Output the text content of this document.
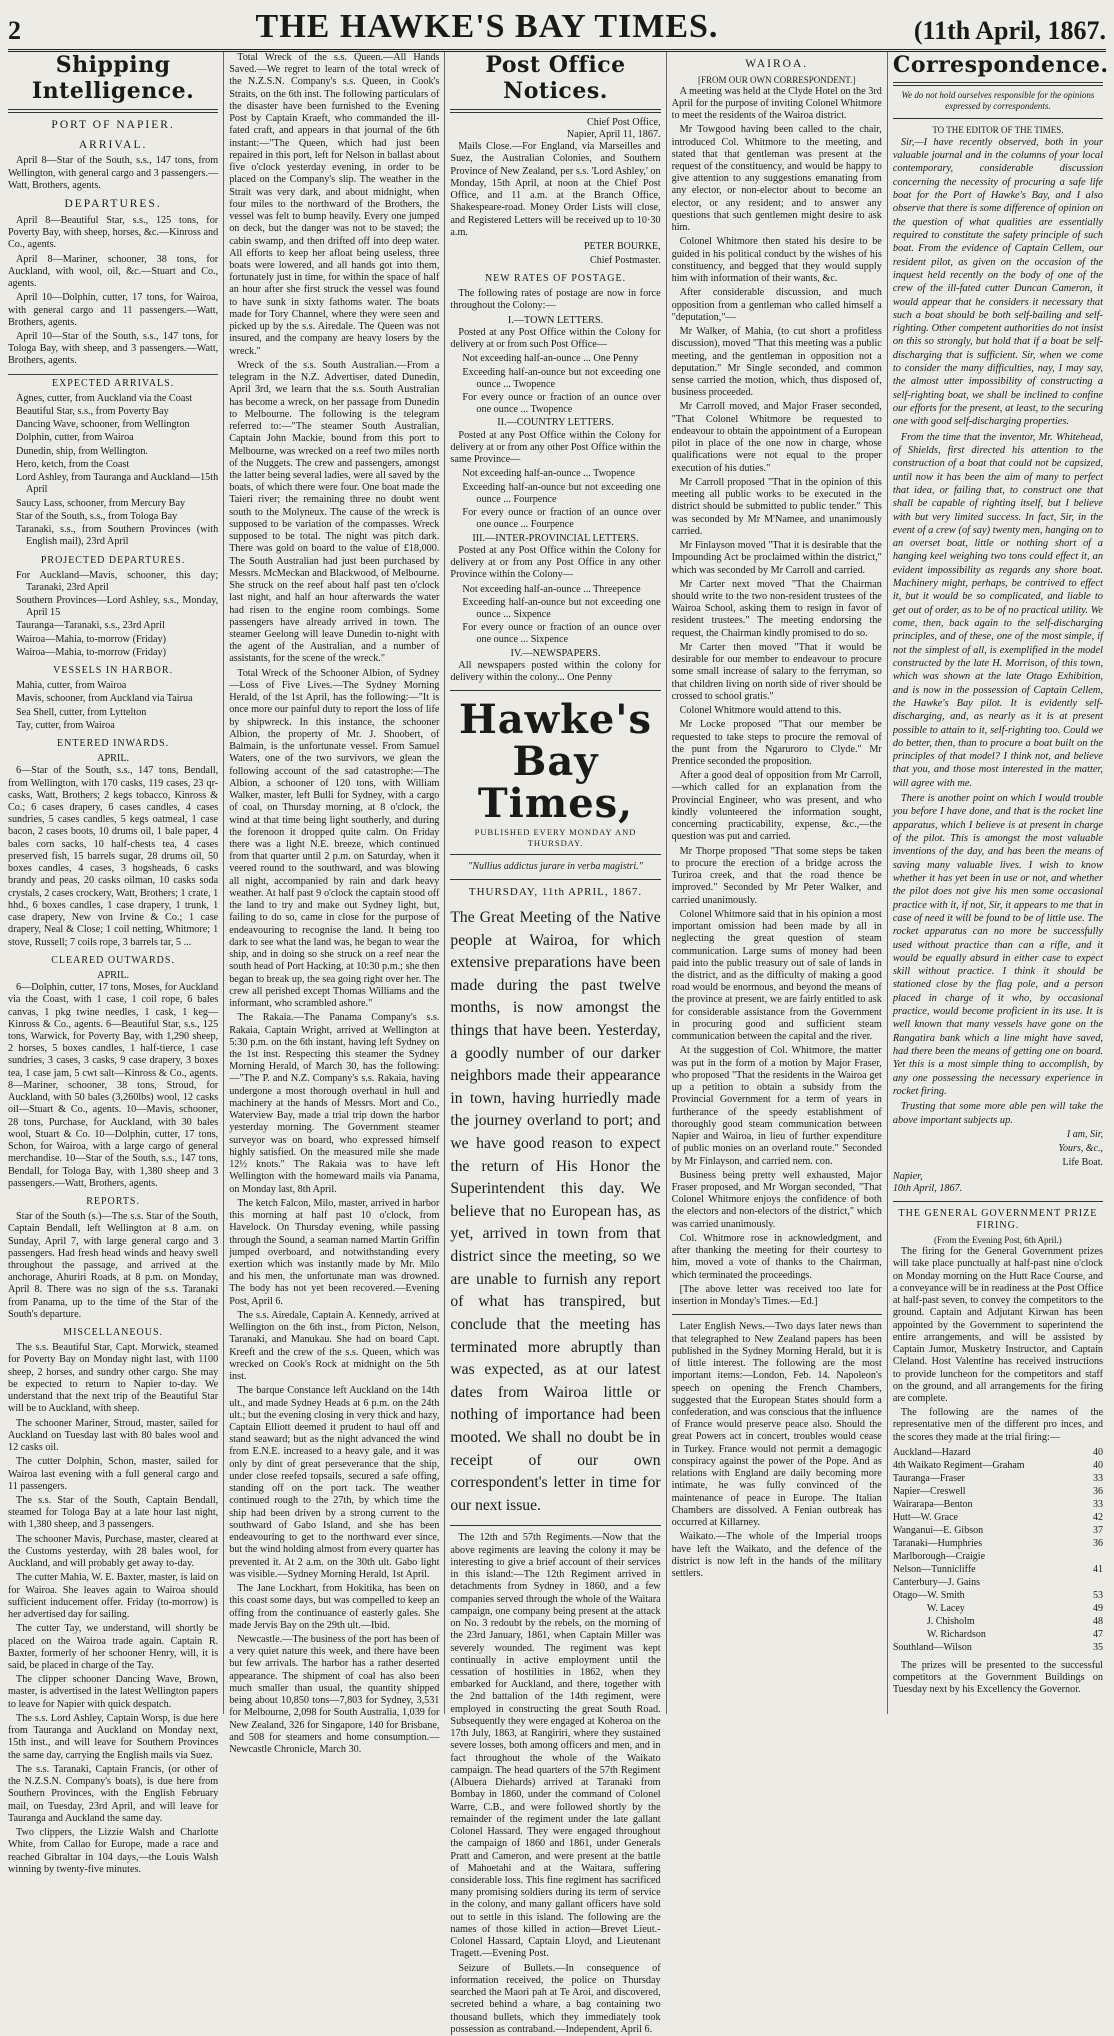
2	THE HAWKE'S BAY TIMES.	(11th April, 1867.
Shipping Intelligence.
PORT OF NAPIER.
ARRIVAL.

April 8—Star of the South, s.s., 147 tons, from Wellington, with general cargo and 3 passengers.—Watt, Brothers, agents.

DEPARTURES.

April 8—Beautiful Star, s.s., 125 tons, for Poverty Bay, with sheep, horses, &c.—Kinross and Co., agents.

April 8—Mariner, schooner, 38 tons, for Auckland, with wool, oil, &c.—Stuart and Co., agents.

April 10—Dolphin, cutter, 17 tons, for Wairoa, with general cargo and 11 passengers.—Watt, Brothers, agents.

April 10—Star of the South, s.s., 147 tons, for Tologa Bay, with sheep, and 3 passengers.—Watt, Brothers, agents.

EXPECTED ARRIVALS.
Agnes, cutter, from Auckland via the Coast
Beautiful Star, s.s., from Poverty Bay
Dancing Wave, schooner, from Wellington
Dolphin, cutter, from Wairoa
Dunedin, ship, from Wellington.
Hero, ketch, from the Coast
Lord Ashley, from Tauranga and Auckland—15th April
Saucy Lass, schooner, from Mercury Bay
Star of the South, s.s., from Tologa Bay
Taranaki, s.s., from Southern Provinces (with English mail), 23rd April
PROJECTED DEPARTURES.
For Auckland—Mavis, schooner, this day; Taranaki, 23rd April
Southern Provinces—Lord Ashley, s.s., Monday, April 15
Tauranga—Taranaki, s.s., 23rd April
Wairoa—Mahia, to-morrow (Friday)
Wairoa—Mahia, to-morrow (Friday)
VESSELS IN HARBOR.
Mahia, cutter, from Wairoa
Mavis, schooner, from Auckland via Tairua
Sea Shell, cutter, from Lyttelton
Tay, cutter, from Wairoa
ENTERED INWARDS.
APRIL.

6—Star of the South, s.s., 147 tons, Bendall, from Wellington, with 170 casks, 119 cases, 23 qr-casks, Watt, Brothers; 2 kegs tobacco, Kinross & Co.; 6 cases drapery, 6 cases candles, 4 cases sundries, 5 cases candles, 5 kegs oatmeal, 1 case bacon, 2 cases boots, 10 drums oil, 1 bale paper, 4 bales corn sacks, 10 half-chests tea, 4 cases preserved fish, 15 barrels sugar, 28 drums oil, 50 boxes candles, 4 cases, 3 hogsheads, 6 casks brandy and peas, 20 casks oilman, 10 casks soda crystals, 2 cases crockery, Watt, Brothers; 1 crate, 1 hhd., 6 boxes candles, 1 case drapery, 1 trunk, 1 case drapery, New von Irvine & Co.; 1 case drapery, Neal & Close; 1 coil netting, Whitmore; 1 stove, Russell; 7 coils rope, 3 barrels tar, 5 ...

CLEARED OUTWARDS.
APRIL.

6—Dolphin, cutter, 17 tons, Moses, for Auckland via the Coast, with 1 case, 1 coil rope, 6 bales canvas, 1 pkg twine needles, 1 cask, 1 keg—Kinross & Co., agents. 6—Beautiful Star, s.s., 125 tons, Warwick, for Poverty Bay, with 1,290 sheep, 2 horses, 5 boxes candles, 1 half-tierce, 1 case sundries, 3 cases, 3 casks, 9 case drapery, 3 boxes tea, 1 case jam, 5 cwt salt—Kinross & Co., agents. 8—Mariner, schooner, 38 tons, Stroud, for Auckland, with 50 bales (3,260lbs) wool, 12 casks oil—Stuart & Co., agents. 10—Mavis, schooner, 28 tons, Purchase, for Auckland, with 30 bales wool, Stuart & Co. 10—Dolphin, cutter, 17 tons, Schon, for Wairoa, with a large cargo of general merchandise. 10—Star of the South, s.s., 147 tons, Bendall, for Tologa Bay, with 1,380 sheep and 3 passengers.—Watt, Brothers, agents.

REPORTS.

Star of the South (s.)—The s.s. Star of the South, Captain Bendall, left Wellington at 8 a.m. on Sunday, April 7, with large general cargo and 3 passengers. Had fresh head winds and heavy swell throughout the passage, and arrived at the anchorage, Ahuriri Roads, at 8 p.m. on Monday, April 8. There was no sign of the s.s. Taranaki from Panama, up to the time of the Star of the South's departure.

MISCELLANEOUS.

The s.s. Beautiful Star, Capt. Morwick, steamed for Poverty Bay on Monday night last, with 1100 sheep, 2 horses, and sundry other cargo. She may be expected to return to Napier to-day. We understand that the next trip of the Beautiful Star will be to Auckland, with sheep.

The schooner Mariner, Stroud, master, sailed for Auckland on Tuesday last with 80 bales wool and 12 casks oil.

The cutter Dolphin, Schon, master, sailed for Wairoa last evening with a full general cargo and 11 passengers.

The s.s. Star of the South, Captain Bendall, steamed for Tologa Bay at a late hour last night, with 1,380 sheep, and 3 passengers.

The schooner Mavis, Purchase, master, cleared at the Customs yesterday, with 28 bales wool, for Auckland, and will probably get away to-day.

The cutter Mahia, W. E. Baxter, master, is laid on for Wairoa. She leaves again to Wairoa should sufficient inducement offer. Friday (to-morrow) is her advertised day for sailing.

The cutter Tay, we understand, will shortly be placed on the Wairoa trade again. Captain R. Baxter, formerly of her schooner Henry, will, it is said, be placed in charge of the Tay.

The clipper schooner Dancing Wave, Brown, master, is advertised in the latest Wellington papers to leave for Napier with quick despatch.

The s.s. Lord Ashley, Captain Worsp, is due here from Tauranga and Auckland on Monday next, 15th inst., and will leave for Southern Provinces the same day, carrying the English mails via Suez.

The s.s. Taranaki, Captain Francis, (or other of the N.Z.S.N. Company's boats), is due here from Southern Provinces, with the English February mail, on Tuesday, 23rd April, and will leave for Tauranga and Auckland the same day.

Two clippers, the Lizzie Walsh and Charlotte White, from Callao for Europe, made a race and reached Gibraltar in 104 days,—the Louis Walsh winning by twenty-five minutes.

Total Wreck of the s.s. Queen.—All Hands Saved.—We regret to learn of the total wreck of the N.Z.S.N. Company's s.s. Queen, in Cook's Straits, on the 6th inst. The following particulars of the disaster have been furnished to the Evening Post by Captain Kraeft, who commanded the ill-fated craft, and appears in that journal of the 6th instant:—"The Queen, which had just been repaired in this port, left for Nelson in ballast about five o'clock yesterday evening, in order to be placed on the Company's slip. The weather in the Strait was very dark, and about midnight, when four miles to the northward of the Brothers, the vessel was felt to bump heavily. Every one jumped on deck, but the danger was not to be staved; the cabin swamp, and then drifted off into deep water. All efforts to keep her afloat being useless, three boats were lowered, and all hands got into them, fortunately just in time, for within the space of half an hour after she first struck the vessel was found to have sunk in sixty fathoms water. The boats made for Tory Channel, where they were seen and picked up by the s.s. Airedale. The Queen was not insured, and the company are heavy losers by the wreck."

Wreck of the s.s. South Australian.—From a telegram in the N.Z. Advertiser, dated Dunedin, April 3rd, we learn that the s.s. South Australian has become a wreck, on her passage from Dunedin to Melbourne. The following is the telegram referred to:—"The steamer South Australian, Captain John Mackie, bound from this port to Melbourne, was wrecked on a reef two miles north of the Nuggets. The crew and passengers, amongst the latter being several ladies, were all saved by the boats, of which there were four. One boat made the Taieri river; the remaining three no doubt went south to the Molyneux. The cause of the wreck is supposed to be variation of the compasses. Wreck supposed to be total. The night was pitch dark. There was gold on board to the value of £18,000. The South Australian had just been purchased by Messrs. McMeckan and Blackwood, of Melbourne. She struck on the reef about half past ten o'clock last night, and half an hour afterwards the water had risen to the engine room combings. Some passengers have already arrived in town. The steamer Geelong will leave Dunedin to-night with the agent of the Australian, and a number of assistants, for the scene of the wreck."

Total Wreck of the Schooner Albion, of Sydney—Loss of Five Lives.—The Sydney Morning Herald, of the 1st April, has the following:—"It is once more our painful duty to report the loss of life by shipwreck. In this instance, the schooner Albion, the property of Mr. J. Shoobert, of Balmain, is the unfortunate vessel. From Samuel Waters, one of the two survivors, we glean the following account of the sad catastrophe:—The Albion, a schooner of 120 tons, with William Walker, master, left Bulli for Sydney, with a cargo of coal, on Thursday morning, at 8 o'clock, the wind at that time being light southerly, and during the forenoon it dropped quite calm. On Friday there was a light N.E. breeze, which continued from that quarter until 2 p.m. on Saturday, when it veered round to the southward, and was blowing all night, accompanied by rain and dark heavy weather. At half past 9 o'clock the captain stood off the land to try and make out Sydney light, but, failing to do so, came in close for the purpose of endeavouring to recognise the land. It being too dark to see what the land was, he began to wear the ship, and in doing so she struck on a reef near the south head of Port Hacking, at 10:30 p.m.; she then began to break up, the sea going right over her. The crew all perished except Thomas Williams and the informant, who scrambled ashore."

The Rakaia.—The Panama Company's s.s. Rakaia, Captain Wright, arrived at Wellington at 5:30 p.m. on the 6th instant, having left Sydney on the 1st inst. Respecting this steamer the Sydney Morning Herald, of March 30, has the following:—"The P. and N.Z. Company's s.s. Rakaia, having undergone a most thorough overhaul in hull and machinery at the hands of Messrs. Mort and Co., Waterview Bay, made a trial trip down the harbor yesterday morning. The Government steamer surveyor was on board, who expressed himself highly satisfied. On the measured mile she made 12½ knots." The Rakaia was to have left Wellington with the homeward mails via Panama, on Monday last, 8th April.

The ketch Falcon, Milo, master, arrived in harbor this morning at half past 10 o'clock, from Havelock. On Thursday evening, while passing through the Sound, a seaman named Martin Griffin jumped overboard, and notwithstanding every exertion which was instantly made by Mr. Milo and his men, the unfortunate man was drowned. The body has not yet been recovered.—Evening Post, April 6.

The s.s. Airedale, Captain A. Kennedy, arrived at Wellington on the 6th inst., from Picton, Nelson, Taranaki, and Manukau. She had on board Capt. Kreeft and the crew of the s.s. Queen, which was wrecked on Cook's Rock at midnight on the 5th inst.

The barque Constance left Auckland on the 14th ult., and made Sydney Heads at 6 p.m. on the 24th ult.; but the evening closing in very thick and hazy, Captain Elliott deemed it prudent to haul off and stand seaward; but as the night advanced the wind from E.N.E. increased to a heavy gale, and it was only by dint of great perseverance that the ship, under close reefed topsails, secured a safe offing, standing off on the port tack. The weather continued rough to the 27th, by which time the ship had been driven by a strong current to the southward of Gabo Island, and she has been endeavouring to get to the northward ever since, but the wind holding almost from every quarter has prevented it. At 2 a.m. on the 30th ult. Gabo light was visible.—Sydney Morning Herald, 1st April.

The Jane Lockhart, from Hokitika, has been on this coast some days, but was compelled to keep an offing from the continuance of easterly gales. She made Jervis Bay on the 29th ult.—Ibid.

Newcastle.—The business of the port has been of a very quiet nature this week, and there have been but few arrivals. The harbor has a rather deserted appearance. The shipment of coal has also been much smaller than usual, the quantity shipped being about 10,850 tons—7,803 for Sydney, 3,531 for Melbourne, 2,098 for South Australia, 1,039 for New Zealand, 326 for Singapore, 140 for Brisbane, and 508 for steamers and home consumption.—Newcastle Chronicle, March 30.

Post Office Notices.
Chief Post Office,
Napier, April 11, 1867.

Mails Close.—For England, via Marseilles and Suez, the Australian Colonies, and Southern Province of New Zealand, per s.s. 'Lord Ashley,' on Monday, 15th April, at noon at the Chief Post Office, and 11 a.m. at the Branch Office, Shakespeare-road. Money Order Lists will close, and Registered Letters will be received up to 10·30 a.m.

PETER BOURKE,
Chief Postmaster.
NEW RATES OF POSTAGE.

The following rates of postage are now in force throughout the Colony:—

I.—TOWN LETTERS.

Posted at any Post Office within the Colony for delivery at or from such Post Office—

Not exceeding half-an-ounce ... One Penny
Exceeding half-an-ounce but not exceeding one ounce ... Twopence
For every ounce or fraction of an ounce over one ounce ... Twopence
II.—COUNTRY LETTERS.

Posted at any Post Office within the Colony for delivery at or from any other Post Office within the same Province—

Not exceeding half-an-ounce ... Twopence
Exceeding half-an-ounce but not exceeding one ounce ... Fourpence
For every ounce or fraction of an ounce over one ounce ... Fourpence
III.—INTER-PROVINCIAL LETTERS.

Posted at any Post Office within the Colony for delivery at or from any Post Office in any other Province within the Colony—

Not exceeding half-an-ounce ... Threepence
Exceeding half-an-ounce but not exceeding one ounce ... Sixpence
For every ounce or fraction of an ounce over one ounce ... Sixpence
IV.—NEWSPAPERS.

All newspapers posted within the colony for delivery within the colony... One Penny

Hawke's Bay Times,
PUBLISHED EVERY MONDAY AND THURSDAY.
"Nullius addictus jurare in verba magistri."
THURSDAY, 11th APRIL, 1867.
The Great Meeting of the Native people at Wairoa, for which extensive preparations have been made during the past twelve months, is now amongst the things that have been. Yesterday, a goodly number of our darker neighbors made their appearance in town, having hurriedly made the journey overland to port; and we have good reason to expect the return of His Honor the Superintendent this day. We believe that no European has, as yet, arrived in town from that district since the meeting, so we are unable to furnish any report of what has transpired, but conclude that the meeting has terminated more abruptly than was expected, as at our latest dates from Wairoa little or nothing of importance had been mooted. We shall no doubt be in receipt of our own correspondent's letter in time for our next issue.

The 12th and 57th Regiments.—Now that the above regiments are leaving the colony it may be interesting to give a brief account of their services in this island:—The 12th Regiment arrived in detachments from Sydney in 1860, and a few companies served through the whole of the Waitara campaign, one company being present at the attack on No. 3 redoubt by the rebels, on the morning of the 23rd January, 1861, when Captain Miller was severely wounded. The regiment was kept continually in active employment until the cessation of hostilities in 1862, when they embarked for Auckland, and there, together with the 2nd battalion of the 14th regiment, were employed in constructing the great South Road. Subsequently they were engaged at Koheroa on the 17th July, 1863, at Rangiriri, where they sustained severe losses, both among officers and men, and in fact throughout the whole of the Waikato campaign. The head quarters of the 57th Regiment (Albuera Diehards) arrived at Taranaki from Bombay in 1860, under the command of Colonel Warre, C.B., and were followed shortly by the remainder of the regiment under the late gallant Colonel Hassard. They were engaged throughout the campaign of 1860 and 1861, under Generals Pratt and Cameron, and were present at the battle of Mahoetahi and at the Waitara, suffering considerable loss. This fine regiment has sacrificed many promising soldiers during its term of service in the colony, and many gallant officers have sold out to settle in this island. The following are the names of those killed in action—Brevet Lieut.-Colonel Hassard, Captain Lloyd, and Lieutenant Tragett.—Evening Post.

Seizure of Bullets.—In consequence of information received, the police on Thursday searched the Maori pah at Te Aroi, and discovered, secreted behind a whare, a bag containing two thousand bullets, which they immediately took possession as contraband.—Independent, April 6.

WAIROA.
[FROM OUR OWN CORRESPONDENT.]

A meeting was held at the Clyde Hotel on the 3rd April for the purpose of inviting Colonel Whitmore to meet the residents of the Wairoa district.

Mr Towgood having been called to the chair, introduced Col. Whitmore to the meeting, and stated that that gentleman was present at the request of the constituency, and would be happy to give attention to any suggestions emanating from any elector, or non-elector about to become an elector, or any resident; and to answer any questions that such gentlemen might desire to ask him.

Colonel Whitmore then stated his desire to be guided in his political conduct by the wishes of his constituency, and begged that they would supply him with information of their wants, &c.

After considerable discussion, and much opposition from a gentleman who called himself a "deputation,"—

Mr Walker, of Mahia, (to cut short a profitless discussion), moved "That this meeting was a public meeting, and the gentleman in opposition not a deputation." Mr Single seconded, and common sense carried the motion, which, thus disposed of, business proceeded.

Mr Carroll moved, and Major Fraser seconded, "That Colonel Whitmore be requested to endeavour to obtain the appointment of a European pilot in place of the one now in charge, whose qualifications were not equal to the proper execution of his duties."

Mr Carroll proposed "That in the opinion of this meeting all public works to be executed in the district should be submitted to public tender." This was seconded by Mr M'Namee, and unanimously carried.

Mr Finlayson moved "That it is desirable that the Impounding Act be proclaimed within the district," which was seconded by Mr Carroll and carried.

Mr Carter next moved "That the Chairman should write to the two non-resident trustees of the Wairoa School, asking them to resign in favor of resident trustees." The meeting endorsing the request, the Chairman kindly promised to do so.

Mr Carter then moved "That it would be desirable for our member to endeavour to procure some small increase of salary to the ferryman, so that children living on north side of river should be crossed to school gratis."

Colonel Whitmore would attend to this.

Mr Locke proposed "That our member be requested to take steps to procure the removal of the punt from the Ngaruroro to Clyde." Mr Prentice seconded the proposition.

After a good deal of opposition from Mr Carroll,—which called for an explanation from the Provincial Engineer, who was present, and who kindly volunteered the information sought, concerning practicability, expense, &c.,—the question was put and carried.

Mr Thorpe proposed "That some steps be taken to procure the erection of a bridge across the Turiroa creek, and that the road thence be improved." Seconded by Mr Peter Walker, and carried unanimously.

Colonel Whitmore said that in his opinion a most important omission had been made by all in neglecting the great question of steam communication. Large sums of money had been paid into the public treasury out of sale of lands in the district, and as the difficulty of making a good road would be enormous, and beyond the means of the province at present, we are fairly entitled to ask for considerable assistance from the Government in procuring good and sufficient steam communication between the capital and the river.

At the suggestion of Col. Whitmore, the matter was put in the form of a motion by Major Fraser, who proposed "That the residents in the Wairoa get up a petition to obtain a subsidy from the Provincial Government for a term of years in furtherance of the speedy establishment of thoroughly good steam communication between Napier and Wairoa, in lieu of further expenditure of public monies on an overland route." Seconded by Mr Finlayson, and carried nem. con.

Business being pretty well exhausted, Major Fraser proposed, and Mr Worgan seconded, "That Colonel Whitmore enjoys the confidence of both the electors and non-electors of the district," which was carried unanimously.

Col. Whitmore rose in acknowledgment, and after thanking the meeting for their courtesy to him, moved a vote of thanks to the Chairman, which terminated the proceedings.

[The above letter was received too late for insertion in Monday's Times.—Ed.]

Later English News.—Two days later news than that telegraphed to New Zealand papers has been published in the Sydney Morning Herald, but it is of little interest. The following are the most important items:—London, Feb. 14. Napoleon's speech on opening the French Chambers, suggested that the European States should form a confederation, and was conscious that the influence of France would preserve peace also. Should the great Powers act in concert, troubles would cease in Turkey. France would not permit a demagogic conspiracy against the power of the Pope. And as relations with England are daily becoming more intimate, he was fully convinced of the maintenance of peace in Europe. The Italian Chambers are dissolved. A Fenian outbreak has occurred at Killarney.

Waikato.—The whole of the Imperial troops have left the Waikato, and the defence of the district is now left in the hands of the military settlers.

Correspondence.
We do not hold ourselves responsible for the opinions expressed by correspondents.
TO THE EDITOR OF THE TIMES.

Sir,—I have recently observed, both in your valuable journal and in the columns of your local contemporary, considerable discussion concerning the necessity of procuring a safe life boat for the Port of Hawke's Bay, and I also observe that there is some difference of opinion on the question of what qualities are essentially required to constitute the safety principle of such boat. From the evidence of Captain Cellem, our resident pilot, as given on the occasion of the inquest held recently on the body of one of the crew of the ill-fated cutter Duncan Cameron, it would appear that he considers it necessary that such a boat should be both self-bailing and self-righting. Other competent authorities do not insist on this so strongly, but hold that if a boat be self-discharging that is sufficient. Sir, when we come to consider the many difficulties, nay, I may say, the almost utter impossibility of constructing a self-righting boat, we shall be inclined to confine our efforts for the present, at least, to the securing one with good self-discharging properties.

From the time that the inventor, Mr. Whitehead, of Shields, first directed his attention to the construction of a boat that could not be capsized, until now it has been the aim of many to perfect that idea, or failing that, to construct one that shall be capable of righting itself, but I believe with but very limited success. In fact, Sir, in the event of a crew (of say) twenty men, hanging on to an overset boat, little or nothing short of a hanging keel weighing two tons could effect it, an evident impossibility as regards any shore boat. Machinery might, perhaps, be contrived to effect it, but it would be so complicated, and liable to get out of order, as to be of no practical utility. We come, then, back again to the self-discharging principles, and of these, one of the most simple, if not the simplest of all, is exemplified in the model constructed by the late H. Morrison, of this town, which was shown at the late Otago Exhibition, and is now in the possession of Captain Cellem, the Hawke's Bay pilot. It is evidently self-discharging, and, as nearly as it is at present possible to attain to it, self-righting too. Could we do better, then, than to procure a boat built on the principles of that model? I think not, and believe that you, and those most interested in the matter, will agree with me.

There is another point on which I would trouble you before I have done, and that is the rocket line apparatus, which I believe is at present in charge of the pilot. This is amongst the most valuable inventions of the day, and has been the means of saving many valuable lives. I wish to know whether it has yet been in use or not, and whether the pilot does not give his men some occasional practice with it, if not, Sir, it appears to me that in case of need it will be found to be of little use. The rocket apparatus can no more be successfully used without practice than can a rifle, and it would be equally absurd in either case to expect skill without practice. I think it should be stationed close by the flag pole, and a person placed in charge of it who, by occasional practice, would become proficient in its use. It is well known that many vessels have gone on the Rangatira bank which a line might have saved, had there been the means of getting one on board. Yet this is a most simple thing to accomplish, by any one possessing the necessary experience in rocket firing.

Trusting that some more able pen will take the above important subjects up.

I am, Sir,
Yours, &c.,
Life Boat.
Napier,
10th April, 1867.
THE GENERAL GOVERNMENT PRIZE FIRING.
(From the Evening Post, 6th April.)

The firing for the General Government prizes will take place punctually at half-past nine o'clock on Monday morning on the Hutt Race Course, and a conveyance will be in readiness at the Post Office at half-past seven, to convey the competitors to the ground. Captain and Adjutant Kirwan has been appointed by the Government to superintend the entire arrangements, and will be assisted by Captain Jumor, Musketry Instructor, and Captain Cleland. Host Valentine has received instructions to provide luncheon for the competitors and staff on the ground, and all arrangements for the firing are complete.

The following are the names of the representative men of the different pro inces, and the scores they made at the trial firing:—

Auckland—Hazard	40
4th Waikato Regiment—Graham	40
Tauranga—Fraser	33
Napier—Creswell	36
Wairarapa—Benton	33
Hutt—W. Grace	42
Wanganui—E. Gibson	37
Taranaki—Humphries	36
Marlborough—Craigie
Nelson—Tunnicliffe	41
Canterbury—J. Gains
Otago—W. Smith	53
W. Lacey	49
J. Chisholm	48
W. Richardson	47
Southland—Wilson	35

The prizes will be presented to the successful competitors at the Government Buildings on Tuesday next by his Excellency the Governor.
